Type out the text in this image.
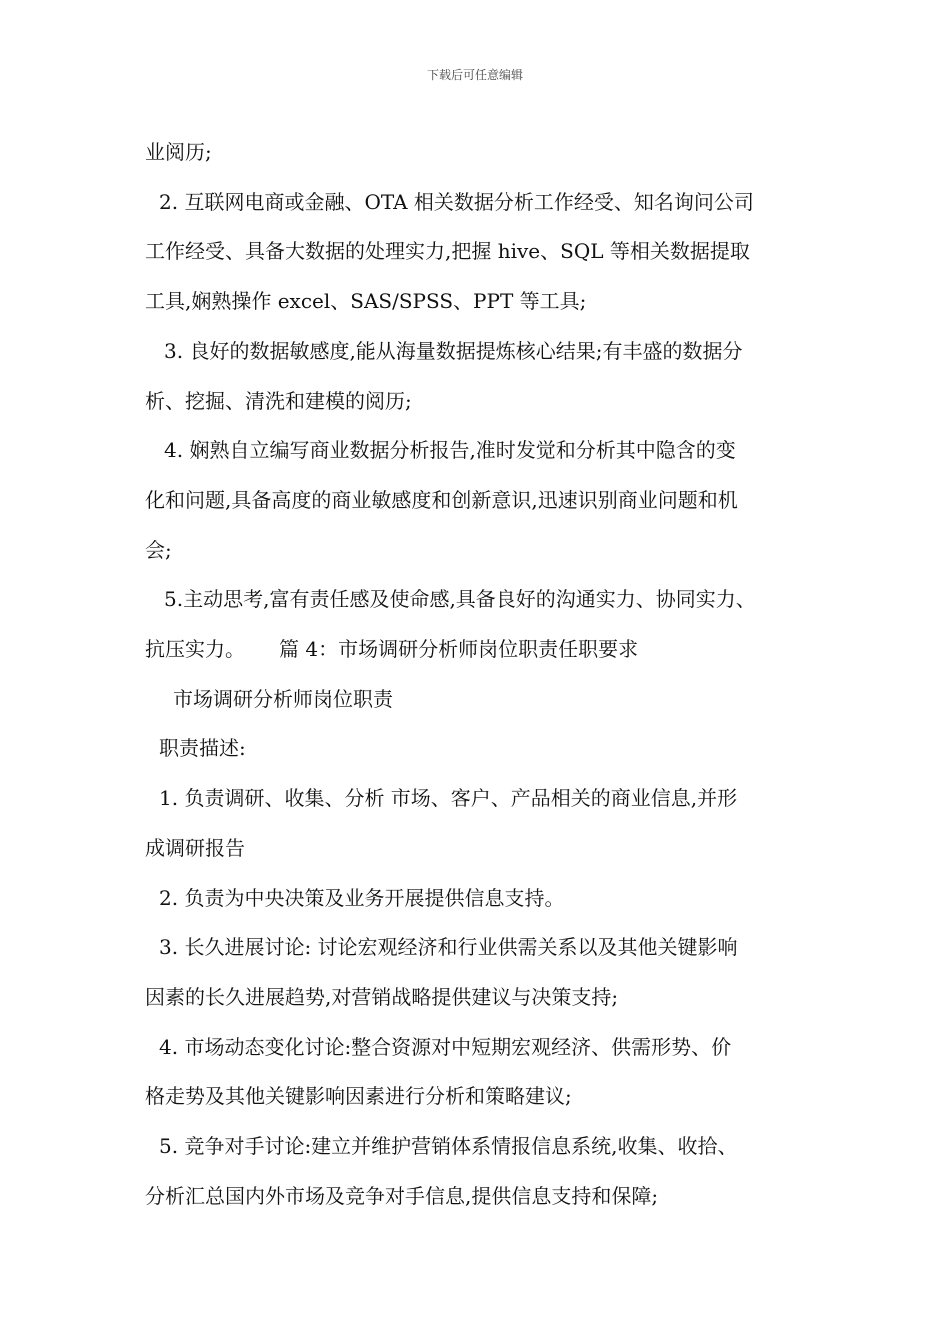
下载后可任意编辑

业阅历;

2. 互联网电商或金融、OTA 相关数据分析工作经受、知名询问公司

工作经受、具备大数据的处理实力,把握 hive、SQL 等相关数据提取

工具,娴熟操作 excel、SAS/SPSS、PPT 等工具;

3. 良好的数据敏感度,能从海量数据提炼核心结果;有丰盛的数据分

析、挖掘、清洗和建模的阅历;

4. 娴熟自立编写商业数据分析报告,准时发觉和分析其中隐含的变

化和问题,具备高度的商业敏感度和创新意识,迅速识别商业问题和机

会;

5.主动思考,富有责任感及使命感,具备良好的沟通实力、协同实力、

抗压实力。 篇 4：市场调研分析师岗位职责任职要求

市场调研分析师岗位职责

职责描述:

1. 负责调研、收集、分析 市场、客户、产品相关的商业信息,并形

成调研报告

2. 负责为中央决策及业务开展提供信息支持。

3. 长久进展讨论: 讨论宏观经济和行业供需关系以及其他关键影响

因素的长久进展趋势,对营销战略提供建议与决策支持;

4. 市场动态变化讨论:整合资源对中短期宏观经济、供需形势、价

格走势及其他关键影响因素进行分析和策略建议;

5. 竞争对手讨论:建立并维护营销体系情报信息系统,收集、收拾、

分析汇总国内外市场及竞争对手信息,提供信息支持和保障;
